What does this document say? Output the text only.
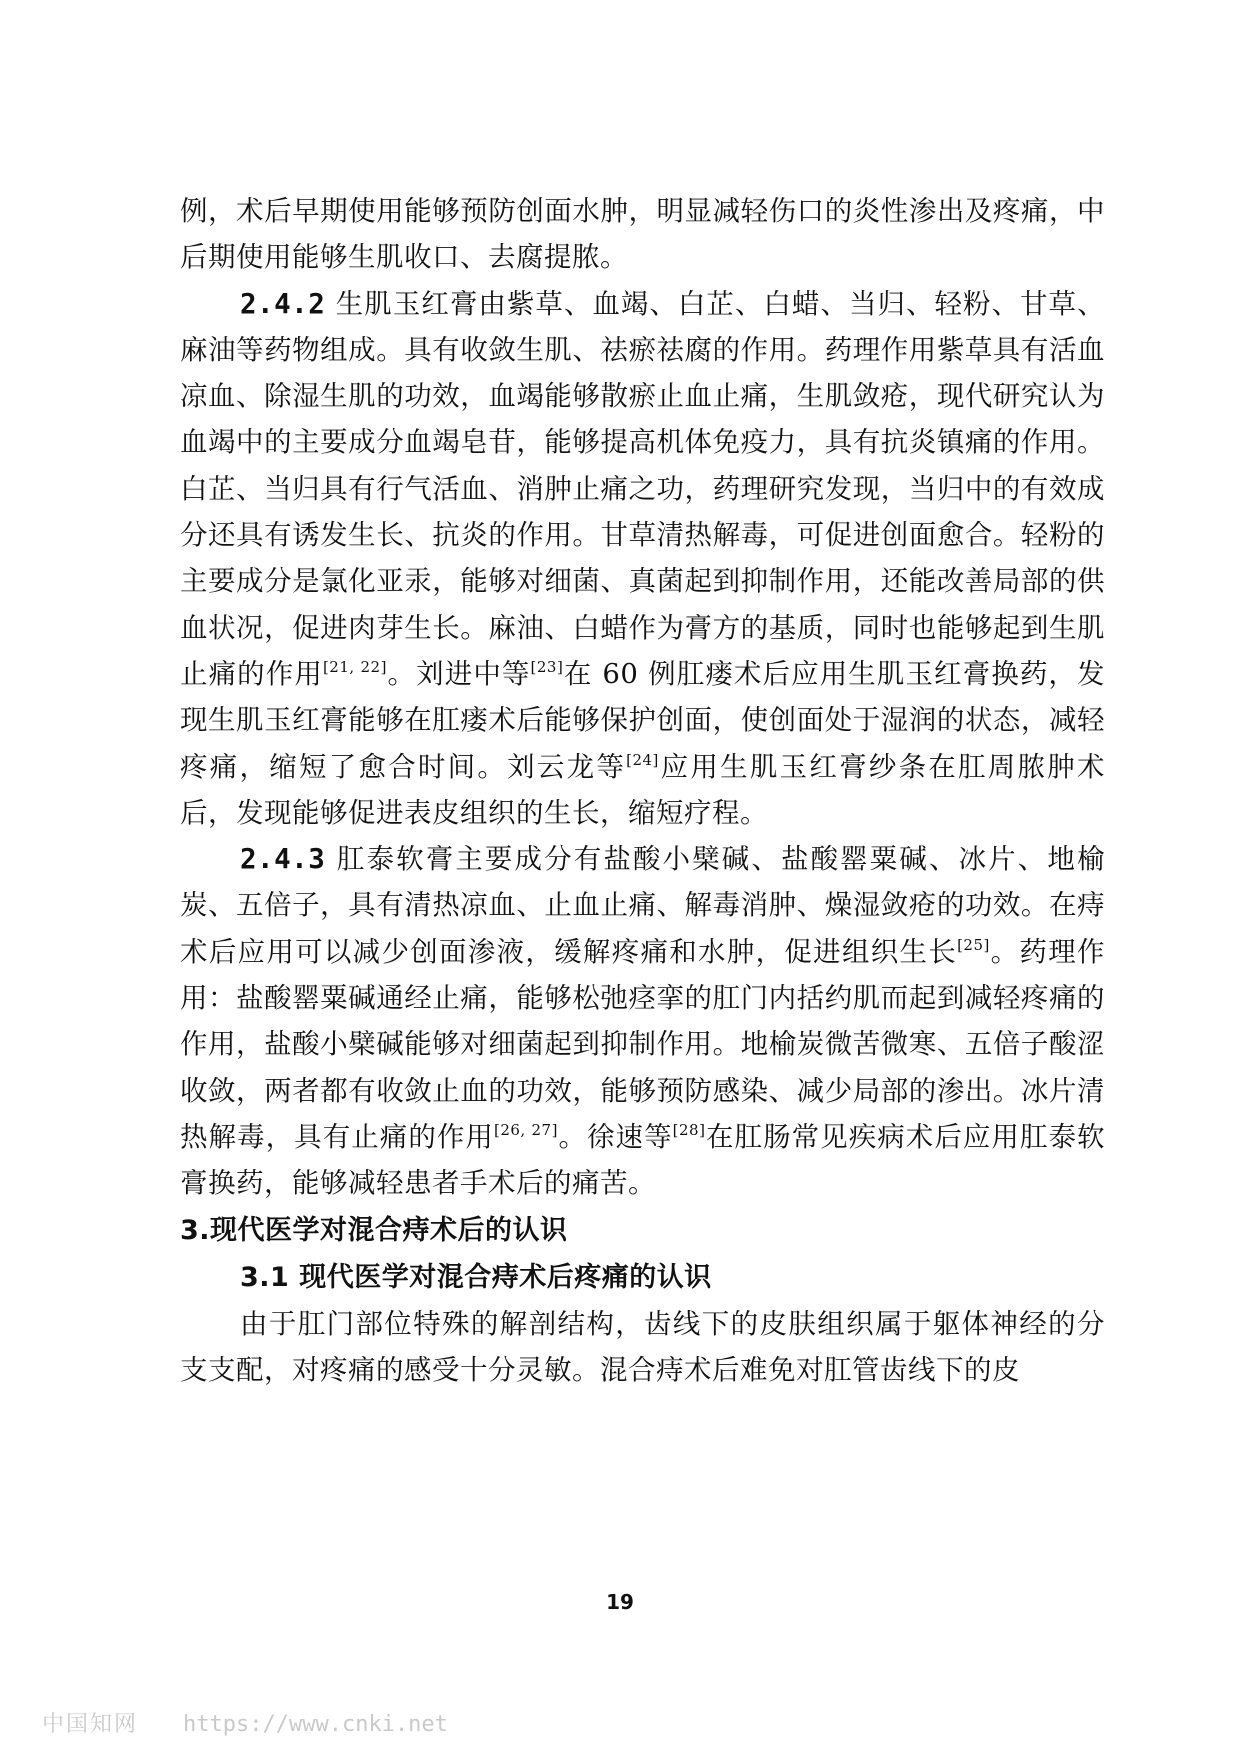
例，术后早期使用能够预防创面水肿，明显减轻伤口的炎性渗出及疼痛，中后期使用能够生肌收口、去腐提脓。

2.4.2 生肌玉红膏由紫草、血竭、白芷、白蜡、当归、轻粉、甘草、麻油等药物组成。具有收敛生肌、祛瘀祛腐的作用。药理作用紫草具有活血凉血、除湿生肌的功效，血竭能够散瘀止血止痛，生肌敛疮，现代研究认为血竭中的主要成分血竭皂苷，能够提高机体免疫力，具有抗炎镇痛的作用。白芷、当归具有行气活血、消肿止痛之功，药理研究发现，当归中的有效成分还具有诱发生长、抗炎的作用。甘草清热解毒，可促进创面愈合。轻粉的主要成分是氯化亚汞，能够对细菌、真菌起到抑制作用，还能改善局部的供血状况，促进肉芽生长。麻油、白蜡作为膏方的基质，同时也能够起到生肌止痛的作用[21, 22]。刘进中等[23]在 60 例肛瘘术后应用生肌玉红膏换药，发现生肌玉红膏能够在肛瘘术后能够保护创面，使创面处于湿润的状态，减轻疼痛，缩短了愈合时间。刘云龙等[24]应用生肌玉红膏纱条在肛周脓肿术后，发现能够促进表皮组织的生长，缩短疗程。

2.4.3 肛泰软膏主要成分有盐酸小檗碱、盐酸罂粟碱、冰片、地榆炭、五倍子，具有清热凉血、止血止痛、解毒消肿、燥湿敛疮的功效。在痔术后应用可以减少创面渗液，缓解疼痛和水肿，促进组织生长[25]。药理作用：盐酸罂粟碱通经止痛，能够松弛痉挛的肛门内括约肌而起到减轻疼痛的作用，盐酸小檗碱能够对细菌起到抑制作用。地榆炭微苦微寒、五倍子酸涩收敛，两者都有收敛止血的功效，能够预防感染、减少局部的渗出。冰片清热解毒，具有止痛的作用[26, 27]。徐速等[28]在肛肠常见疾病术后应用肛泰软膏换药，能够减轻患者手术后的痛苦。

3.现代医学对混合痔术后的认识

3.1 现代医学对混合痔术后疼痛的认识

由于肛门部位特殊的解剖结构，齿线下的皮肤组织属于躯体神经的分支支配，对疼痛的感受十分灵敏。混合痔术后难免对肛管齿线下的皮

19
中国知网 https://www.cnki.net
